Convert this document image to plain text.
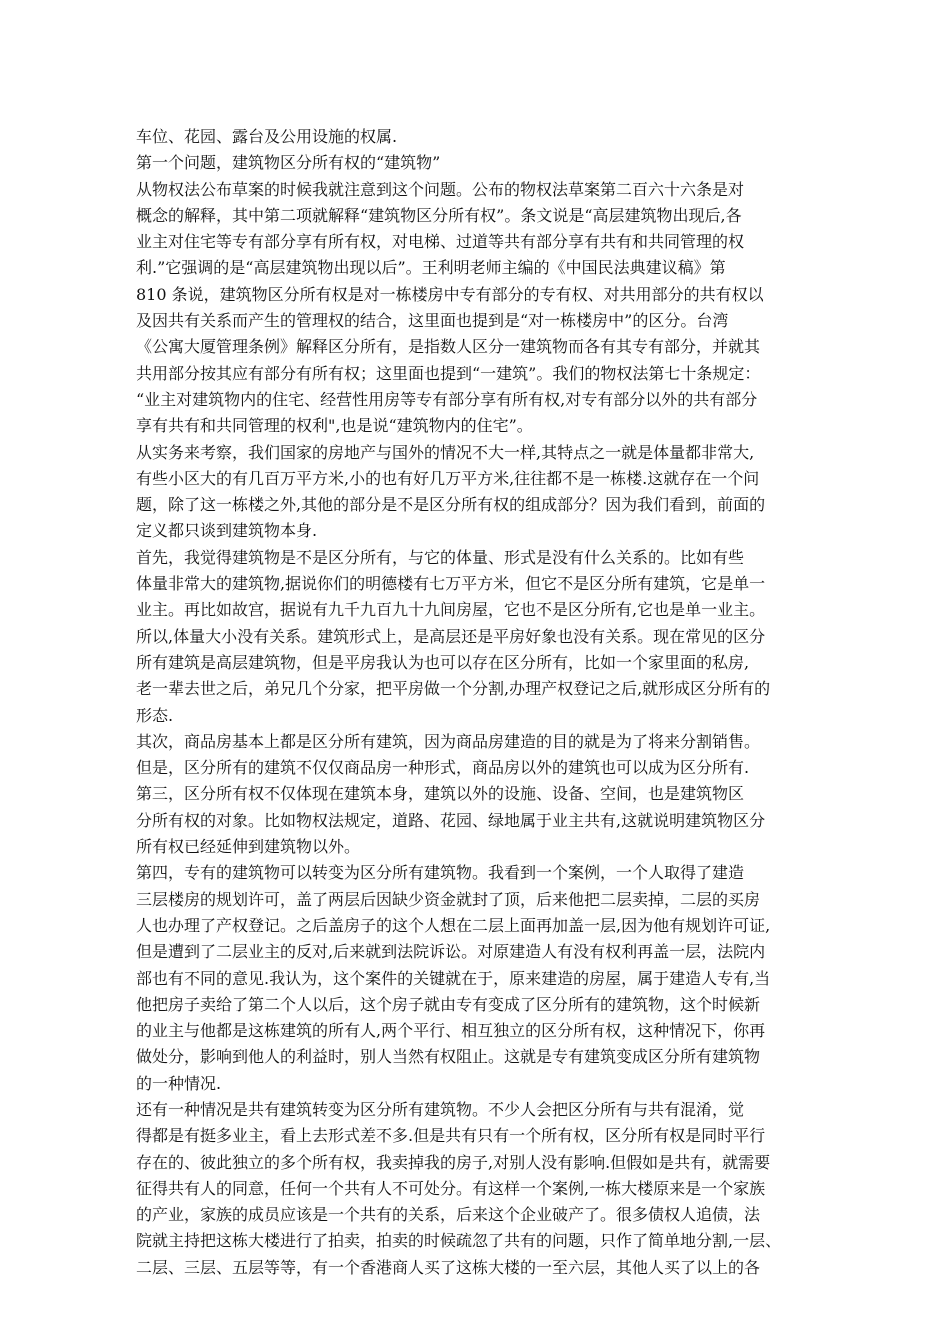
车位、花园、露台及公用设施的权属.

第一个问题，建筑物区分所有权的“建筑物”

从物权法公布草案的时候我就注意到这个问题。公布的物权法草案第二百六十六条是对
概念的解释，其中第二项就解释“建筑物区分所有权”。条文说是“高层建筑物出现后,各
业主对住宅等专有部分享有所有权，对电梯、过道等共有部分享有共有和共同管理的权
利.”它强调的是“高层建筑物出现以后”。王利明老师主编的《中国民法典建议稿》第
810 条说，建筑物区分所有权是对一栋楼房中专有部分的专有权、对共用部分的共有权以
及因共有关系而产生的管理权的结合，这里面也提到是“对一栋楼房中”的区分。台湾
《公寓大厦管理条例》解释区分所有，是指数人区分一建筑物而各有其专有部分，并就其
共用部分按其应有部分有所有权；这里面也提到“一建筑”。我们的物权法第七十条规定：
“业主对建筑物内的住宅、经营性用房等专有部分享有所有权,对专有部分以外的共有部分
享有共有和共同管理的权利",也是说“建筑物内的住宅”。

从实务来考察，我们国家的房地产与国外的情况不大一样,其特点之一就是体量都非常大,
有些小区大的有几百万平方米,小的也有好几万平方米,往往都不是一栋楼.这就存在一个问
题，除了这一栋楼之外,其他的部分是不是区分所有权的组成部分？因为我们看到，前面的
定义都只谈到建筑物本身.

首先，我觉得建筑物是不是区分所有，与它的体量、形式是没有什么关系的。比如有些
体量非常大的建筑物,据说你们的明德楼有七万平方米，但它不是区分所有建筑，它是单一
业主。再比如故宫，据说有九千九百九十九间房屋，它也不是区分所有,它也是单一业主。
所以,体量大小没有关系。建筑形式上，是高层还是平房好象也没有关系。现在常见的区分
所有建筑是高层建筑物，但是平房我认为也可以存在区分所有，比如一个家里面的私房,
老一辈去世之后，弟兄几个分家，把平房做一个分割,办理产权登记之后,就形成区分所有的
形态.

其次，商品房基本上都是区分所有建筑，因为商品房建造的目的就是为了将来分割销售。
但是，区分所有的建筑不仅仅商品房一种形式，商品房以外的建筑也可以成为区分所有.

第三，区分所有权不仅体现在建筑本身，建筑以外的设施、设备、空间，也是建筑物区
分所有权的对象。比如物权法规定，道路、花园、绿地属于业主共有,这就说明建筑物区分
所有权已经延伸到建筑物以外。

第四，专有的建筑物可以转变为区分所有建筑物。我看到一个案例，一个人取得了建造
三层楼房的规划许可，盖了两层后因缺少资金就封了顶，后来他把二层卖掉，二层的买房
人也办理了产权登记。之后盖房子的这个人想在二层上面再加盖一层,因为他有规划许可证,
但是遭到了二层业主的反对,后来就到法院诉讼。对原建造人有没有权利再盖一层，法院内
部也有不同的意见.我认为，这个案件的关键就在于，原来建造的房屋，属于建造人专有,当
他把房子卖给了第二个人以后，这个房子就由专有变成了区分所有的建筑物，这个时候新
的业主与他都是这栋建筑的所有人,两个平行、相互独立的区分所有权，这种情况下，你再
做处分，影响到他人的利益时，别人当然有权阻止。这就是专有建筑变成区分所有建筑物
的一种情况.

还有一种情况是共有建筑转变为区分所有建筑物。不少人会把区分所有与共有混淆，觉
得都是有挺多业主，看上去形式差不多.但是共有只有一个所有权，区分所有权是同时平行
存在的、彼此独立的多个所有权，我卖掉我的房子,对别人没有影响.但假如是共有，就需要
征得共有人的同意，任何一个共有人不可处分。有这样一个案例,一栋大楼原来是一个家族
的产业，家族的成员应该是一个共有的关系，后来这个企业破产了。很多债权人追债，法
院就主持把这栋大楼进行了拍卖，拍卖的时候疏忽了共有的问题，只作了简单地分割,一层、
二层、三层、五层等等，有一个香港商人买了这栋大楼的一至六层，其他人买了以上的各
